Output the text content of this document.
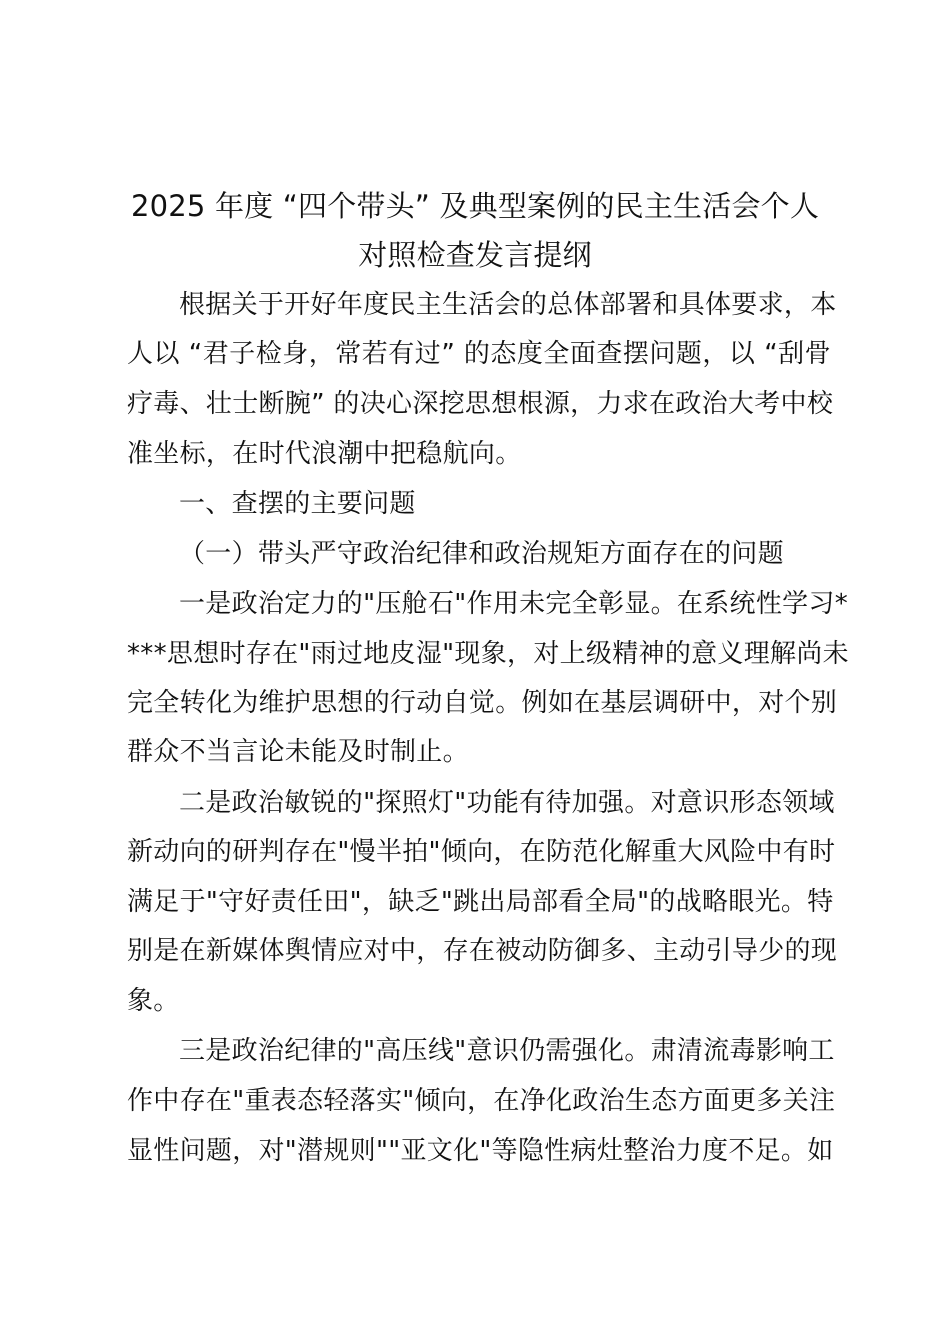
2025 年度 “四个带头” 及典型案例的民主生活会个人
对照检查发言提纲
根据关于开好年度民主生活会的总体部署和具体要求，本
人以 “君子检身，常若有过” 的态度全面查摆问题，以 “刮骨
疗毒、壮士断腕” 的决心深挖思想根源，力求在政治大考中校
准坐标，在时代浪潮中把稳航向。
一、查摆的主要问题
（一）带头严守政治纪律和政治规矩方面存在的问题
一是政治定力的"压舱石"作用未完全彰显。在系统性学习*
***思想时存在"雨过地皮湿"现象，对上级精神的意义理解尚未
完全转化为维护思想的行动自觉。例如在基层调研中，对个别
群众不当言论未能及时制止。
二是政治敏锐的"探照灯"功能有待加强。对意识形态领域
新动向的研判存在"慢半拍"倾向，在防范化解重大风险中有时
满足于"守好责任田"，缺乏"跳出局部看全局"的战略眼光。特
别是在新媒体舆情应对中，存在被动防御多、主动引导少的现
象。
三是政治纪律的"高压线"意识仍需强化。肃清流毒影响工
作中存在"重表态轻落实"倾向，在净化政治生态方面更多关注
显性问题，对"潜规则""亚文化"等隐性病灶整治力度不足。如
